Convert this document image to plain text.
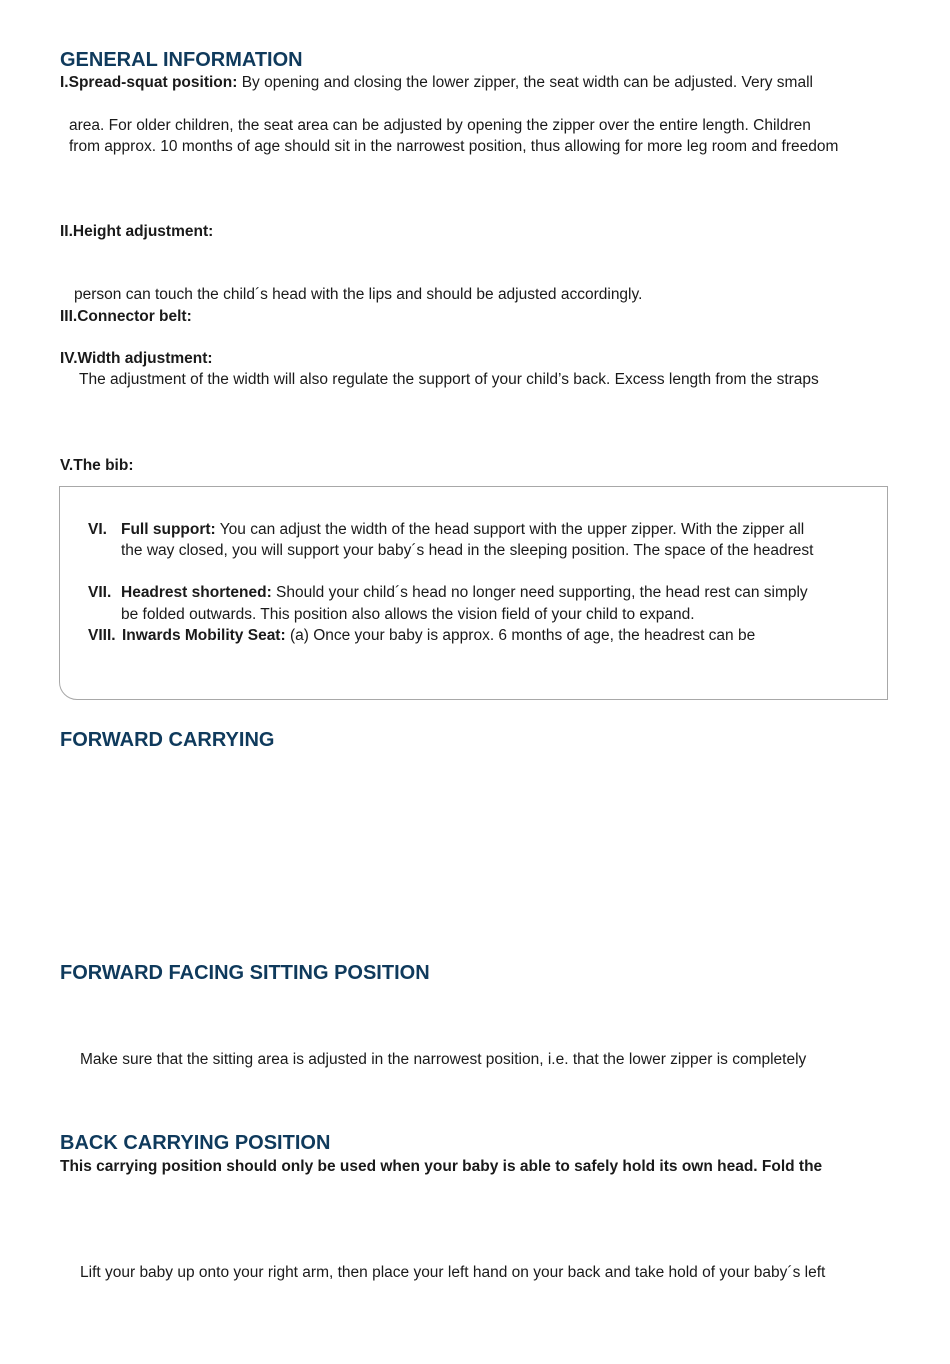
GENERAL INFORMATION
I.Spread-squat position: By opening and closing the lower zipper, the seat width can be adjusted. Very small
area. For older children, the seat area can be adjusted by opening the zipper over the entire length. Children
from approx. 10 months of age should sit in the narrowest position, thus allowing for more leg room and freedom
II.Height adjustment:
person can touch the child´s head with the lips and should be adjusted accordingly.
III.Connector belt:
IV.Width adjustment:
The adjustment of the width will also regulate the support of your child’s back. Excess length from the straps
V.The bib:
VI. Full support: You can adjust the width of the head support with the upper zipper. With the zipper all
the way closed, you will support your baby´s head in the sleeping position. The space of the headrest
VII. Headrest shortened: Should your child´s head no longer need supporting, the head rest can simply
be folded outwards. This position also allows the vision field of your child to expand.
VIII. Inwards Mobility Seat: (a) Once your baby is approx. 6 months of age, the headrest can be
FORWARD CARRYING
FORWARD FACING SITTING POSITION
Make sure that the sitting area is adjusted in the narrowest position, i.e. that the lower zipper is completely
BACK CARRYING POSITION
This carrying position should only be used when your baby is able to safely hold its own head. Fold the
Lift your baby up onto your right arm, then place your left hand on your back and take hold of your baby´s left
